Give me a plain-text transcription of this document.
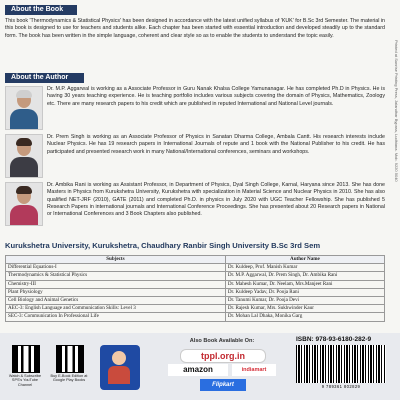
About the Book
This book 'Thermodynamics & Statistical Physics' has been designed in accordance with the latest unified syllabus of 'KUK' for B.Sc 3rd Semester. The material in this book is designed to use for teachers and students alike. Each chapter has been started with essential introduction and developed steadily up to the standard form. The book has been written in the simple language, coherent and clear style so as to enable the students to understand the topic easily.
About the Author
Dr. M.P. Aggarwal is working as a Associate Professor in Guru Nanak Khalsa College Yamunanagar. He has completed Ph.D in Physics. He is having 30 years teaching experience. He is teaching portfolio includes various subjects covering the domain of Physics, Mathematics, Zoology etc. There are many research papers to his credit which are published in reputed International and National Level journals.
Dr. Prem Singh is working as an Associate Professor of Physics in Sanatan Dharma College, Ambala Cantt. His research interests include Nuclear Physics. He has 19 research papers in International Journals of repute and 1 book with the National Publisher to his credit. He has participated and presented research work in many National/International conferences, seminars and workshops.
Dr. Ambika Rani is working as Assistant Professor, in Department of Physics, Dyal Singh College, Karnal, Haryana since 2013. She has done Masters in Physics from Kurukshetra University, Kurukshetra with specialization in Material Science and Nuclear Physics in 2010. She has also qualified NET-JRF (2010), GATE (2011) and completed Ph.D. in physics in July 2020 with UGC Teacher Fellowship. She has published 5 Research Papers in international journals and International Conference Proceedings. She has presented about 20 Research papers in National or International Conferences and 3 Book Chapters also published.
Printed at Sunrise Printing Press, Jalandhar Bypass, Ludhiana. Mob. 9220 5040
Kurukshetra University, Kurukshetra, Chaudhary Ranbir Singh University B.Sc 3rd Sem
Subjects	Author Name
Differential Equations-I	Dr. Kuldeep, Prof. Manish Kumar
Thermodynamics & Statistical Physics	Dr. M.P. Aggarwal, Dr. Prem Singh, Dr. Ambika Rani
Chemistry-III	Dr. Mahesh Kumar, Dr. Neelam, Mrs.Manjeet Rani
Plant Physiology	Dr. Kuldeep Yadav, Dr. Pooja Rani
Cell Biology and Animal Genetics	Dr. Tanumi Kumar, Dr. Pooja Devi
AEC-3: English Language and Communication Skills: Level 3	Dr. Rajesh Kumar, Mrs. Sukhwinder Kaur
SEC-3: Communication In Professional Life	Dr. Mohan Lal Dhaka, Monika Garg
Watch & Subscribe SPS's YouTube Channel
Buy E-Book Edition at Google Play Books
Also Book Available On:
tppl.org.in
amazon	indiamart
Flipkart
ISBN: 978-93-6180-282-9
9 789361 802829
